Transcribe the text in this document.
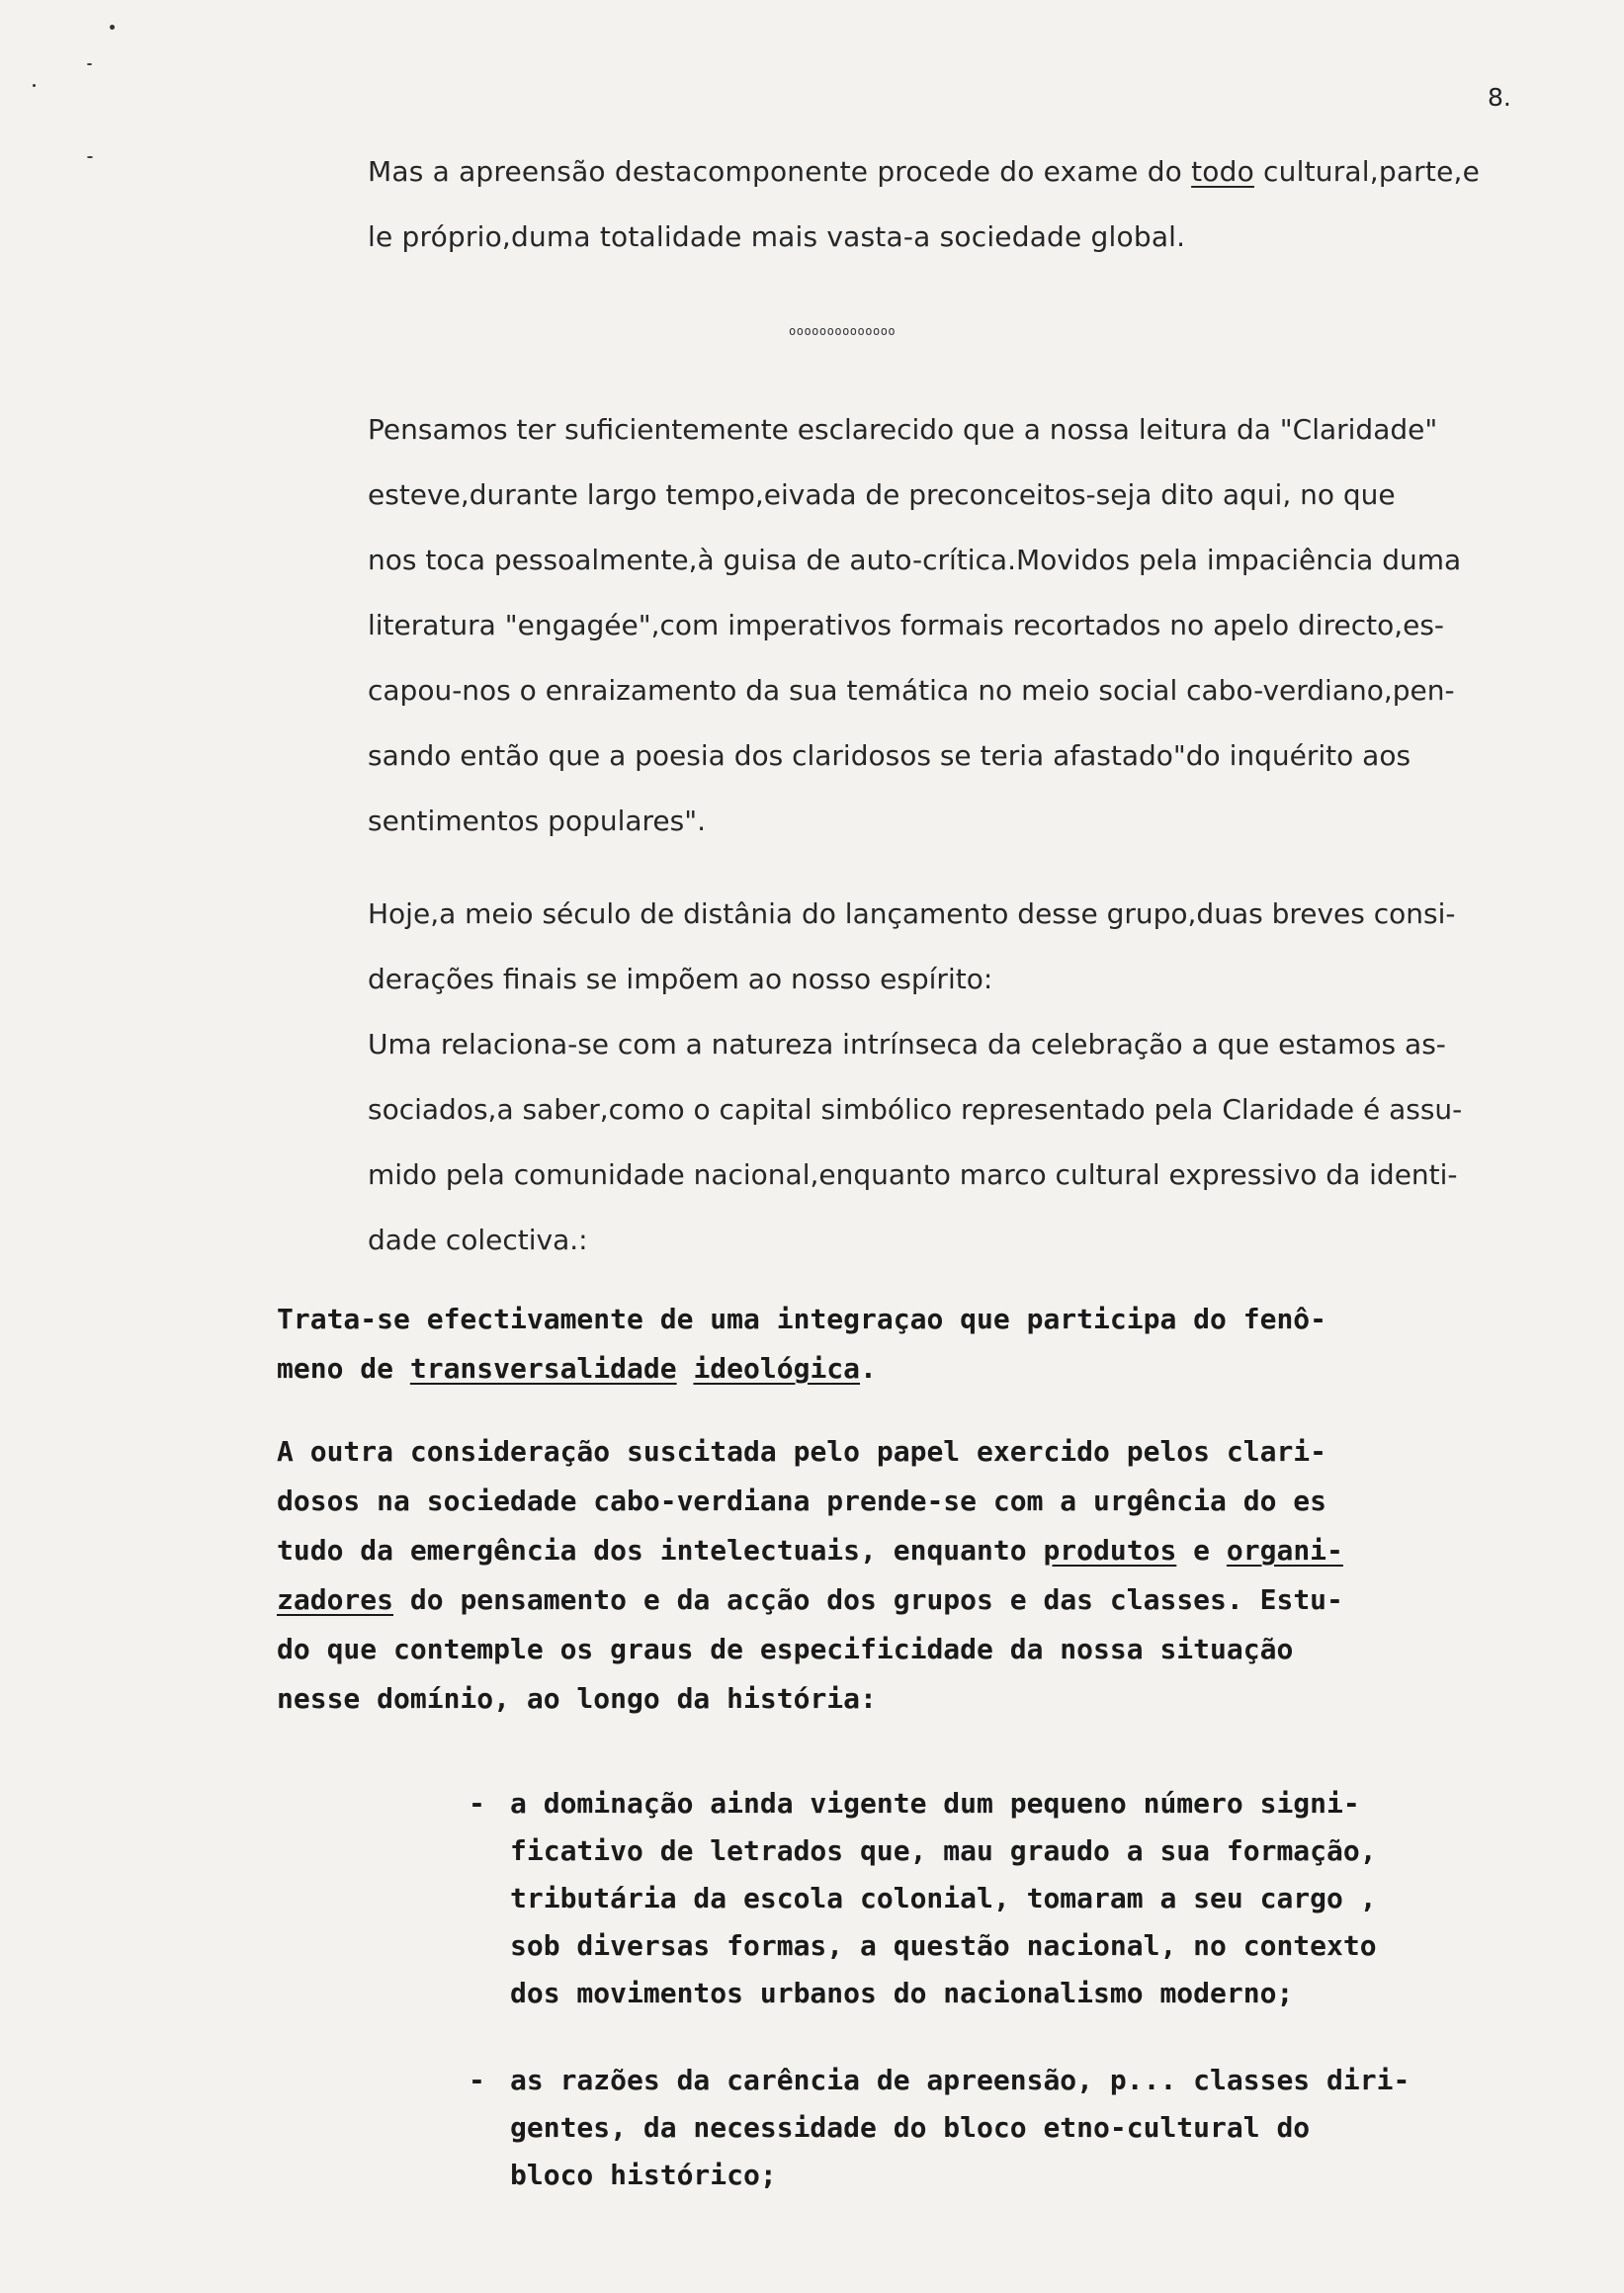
8.
Mas a apreensão destacomponente procede do exame do todo cultural,parte,e
le próprio,duma totalidade mais vasta-a sociedade global.
oooooooooooooo
Pensamos ter suficientemente esclarecido que a nossa leitura da "Claridade"
esteve,durante largo tempo,eivada de preconceitos-seja dito aqui, no que
nos toca pessoalmente,à guisa de auto-crítica.Movidos pela impaciência duma
literatura "engagée",com imperativos formais recortados no apelo directo,es-
capou-nos o enraizamento da sua temática no meio social cabo-verdiano,pen-
sando então que a poesia dos claridosos se teria afastado"do inquérito aos
sentimentos populares".
Hoje,a meio século de distânia do lançamento desse grupo,duas breves consi-
derações finais se impõem ao nosso espírito:
Uma relaciona-se com a natureza intrínseca da celebração a que estamos as-
sociados,a saber,como o capital simbólico representado pela Claridade é assu-
mido pela comunidade nacional,enquanto marco cultural expressivo da identi-
dade colectiva.:
Trata-se efectivamente de uma integraçao que participa do fenô-
meno de transversalidade ideológica.
A outra consideração suscitada pelo papel exercido pelos clari-
dosos na sociedade cabo-verdiana prende-se com a urgência do es
tudo da emergência dos intelectuais, enquanto produtos e organi-
zadores do pensamento e da acção dos grupos e das classes. Estu-
do que contemple os graus de especificidade da nossa situação
nesse domínio, ao longo da história:
- a dominação ainda vigente dum pequeno número signi-
ficativo de letrados que, mau graudo a sua formação,
tributária da escola colonial, tomaram a seu cargo ,
sob diversas formas, a questão nacional, no contexto
dos movimentos urbanos do nacionalismo moderno;
- as razões da carência de apreensão, p... classes diri-
gentes, da necessidade do bloco etno-cultural do
bloco histórico;
